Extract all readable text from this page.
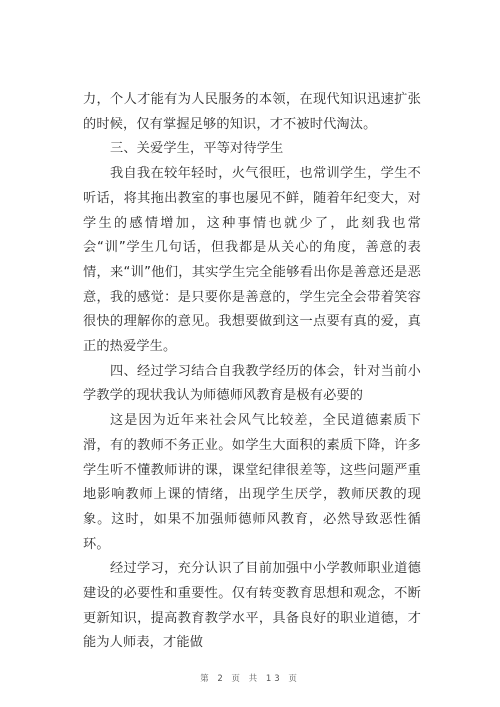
力，个人才能有为人民服务的本领，在现代知识迅速扩张的时候，仅有掌握足够的知识，才不被时代淘汰。

三、关爱学生，平等对待学生

我自我在较年轻时，火气很旺，也常训学生，学生不听话，将其拖出教室的事也屡见不鲜，随着年纪变大，对学生的感情增加，这种事情也就少了，此刻我也常会“训”学生几句话，但我都是从关心的角度，善意的表情，来“训”他们，其实学生完全能够看出你是善意还是恶意，我的感觉：是只要你是善意的，学生完全会带着笑容很快的理解你的意见。我想要做到这一点要有真的爱，真正的热爱学生。

四、经过学习结合自我教学经历的体会，针对当前小学教学的现状我认为师德师风教育是极有必要的

这是因为近年来社会风气比较差，全民道德素质下滑，有的教师不务正业。如学生大面积的素质下降，许多学生听不懂教师讲的课，课堂纪律很差等，这些问题严重地影响教师上课的情绪，出现学生厌学，教师厌教的现象。这时，如果不加强师德师风教育，必然导致恶性循环。

经过学习，充分认识了目前加强中小学教师职业道德建设的必要性和重要性。仅有转变教育思想和观念，不断更新知识，提高教育教学水平，具备良好的职业道德，才能为人师表，才能做

第 2 页 共 13 页
